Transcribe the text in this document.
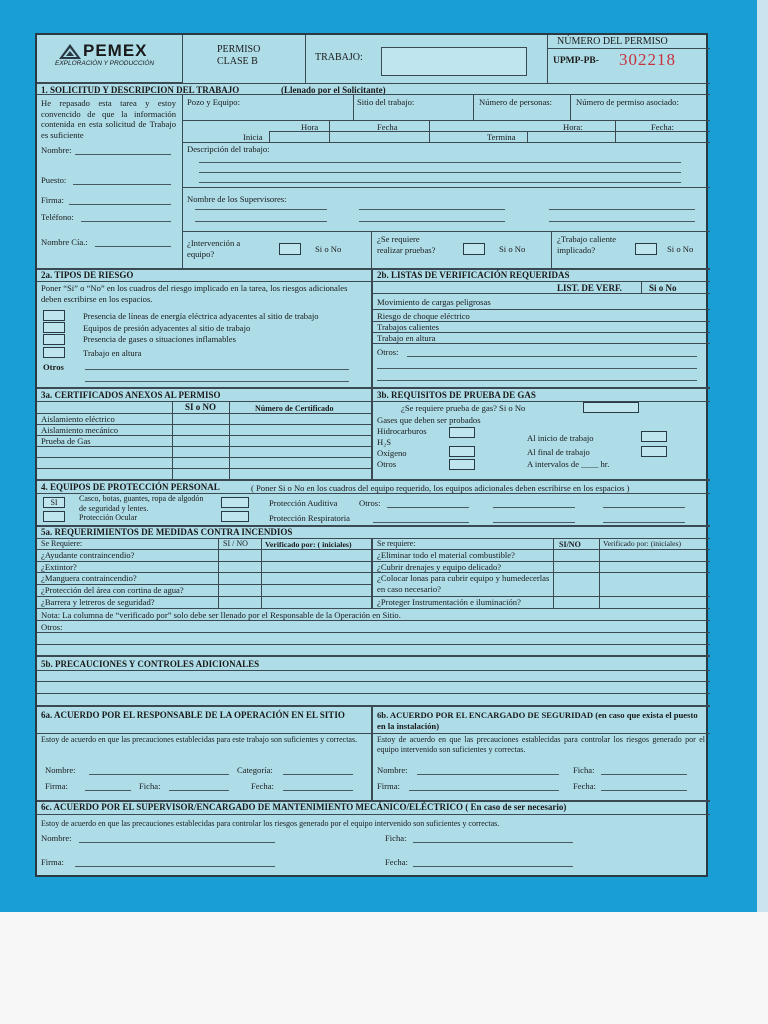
PEMEX
EXPLORACIÓN Y PRODUCCIÓN
PERMISO
CLASE B	TRABAJO:
NÚMERO DEL PERMISO
UPMP-PB- 302218
1. SOLICITUD Y DESCRIPCION DEL TRABAJO	(Llenado por el Solicitante)
He repasado esta tarea y estoy convencido de que la información contenida en esta solicitud de Trabajo es suficiente
Nombre:
Puesto:
Firma:
Teléfono:
Nombre Cía.:
Pozo y Equipo:	Sitio del trabajo:	Número de personas:	Número de permiso asociado:
Hora	Fecha	Hora:	Fecha:
Inicia	Termina
Descripción del trabajo:
Nombre de los Supervisores:
¿Intervención a equipo?	Si o No
¿Se requiere realizar pruebas?	Si o No
¿Trabajo caliente implicado?	Si o No
2a. TIPOS DE RIESGO
Poner “Si” o “No” en los cuadros del riesgo implicado en la tarea, los riesgos adicionales deben escribirse en los espacios.
Presencia de líneas de energía eléctrica adyacentes al sitio de trabajo
Equipos de presión adyacentes al sitio de trabajo
Presencia de gases o situaciones inflamables
Trabajo en altura
Otros
2b. LISTAS DE VERIFICACIÓN REQUERIDAS
LIST. DE VERF.	Si o No
Movimiento de cargas peligrosas
Riesgo de choque eléctrico
Trabajos calientes
Trabajo en altura
Otros:
3a. CERTIFICADOS ANEXOS AL PERMISO
SI o NO	Número de Certificado
Aislamiento eléctrico
Aislamiento mecánico
Prueba de Gas
3b. REQUISITOS DE PRUEBA DE GAS
¿Se requiere prueba de gas? Si o No
Gases que deben ser probados
Hidrocarburos
H₂S
Oxígeno
Otros
Al inicio de trabajo
Al final de trabajo
A intervalos de ____ hr.
4. EQUIPOS DE PROTECCIÓN PERSONAL	( Poner Si o No en los cuadros del equipo requerido, los equipos adicionales deben escribirse en los espacios )
SI	Casco, botas, guantes, ropa de algodón de seguridad y lentes.
Protección Ocular
Protección Auditiva	Otros:
Protección Respiratoria
5a. REQUERIMIENTOS DE MEDIDAS CONTRA INCENDIOS
Se Requiere:	SI / NO Verificado por: ( iniciales)	Se requiere:	SI/NO	Verificado por: (iniciales)
¿Ayudante contraincendio?
¿Extintor?
¿Manguera contraincendio?
¿Protección del área con cortina de agua?
¿Barrera y letreros de seguridad?
¿Eliminar todo el material combustible?
¿Cubrir drenajes y equipo delicado?
¿Colocar lonas para cubrir equipo y humedecerlas en caso necesario?
¿Proteger Instrumentación e iluminación?
Nota: La columna de “verificado por” solo debe ser llenado por el Responsable de la Operación en Sitio.
Otros:
5b. PRECAUCIONES Y CONTROLES ADICIONALES
6a. ACUERDO POR EL RESPONSABLE DE LA OPERACIÓN EN EL SITIO
Estoy de acuerdo en que las precauciones establecidas para este trabajo son suficientes y correctas.
Nombre:	Categoría:
Firma:	Ficha:	Fecha:
6b. ACUERDO POR EL ENCARGADO DE SEGURIDAD (en caso que exista el puesto en la instalación)
Estoy de acuerdo en que las precauciones establecidas para controlar los riesgos generado por el equipo intervenido son suficientes y correctas.
Nombre:	Ficha:
Firma:	Fecha:
6c. ACUERDO POR EL SUPERVISOR/ENCARGADO DE MANTENIMIENTO MECÁNICO/ELÉCTRICO ( En caso de ser necesario)
Estoy de acuerdo en que las precauciones establecidas para controlar los riesgos generado por el equipo intervenido son suficientes y correctas.
Nombre:	Ficha:
Firma:	Fecha:
